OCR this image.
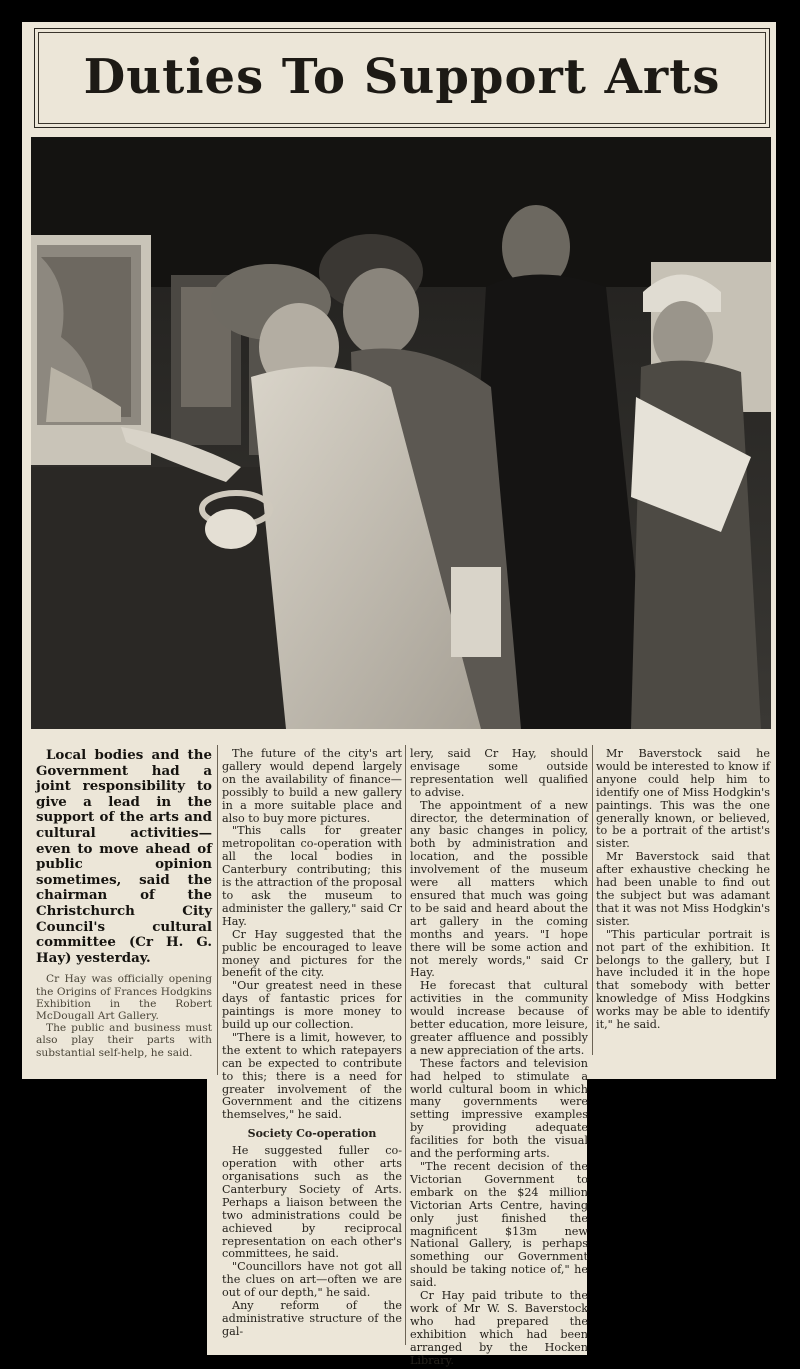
Duties To Support Arts

Local bodies and the Government had a joint responsibility to give a lead in the support of the arts and cultural activities—even to move ahead of public opinion sometimes, said the chairman of the Christchurch City Council's cultural committee (Cr H. G. Hay) yesterday.

Cr Hay was officially opening the Origins of Frances Hodgkins Exhibition in the Robert McDougall Art Gallery.

The public and business must also play their parts with substantial self-help, he said.

The future of the city's art gallery would depend largely on the availability of finance—possibly to build a new gallery in a more suitable place and also to buy more pictures.

"This calls for greater metropolitan co-operation with all the local bodies in Canterbury contributing; this is the attraction of the proposal to ask the museum to administer the gallery," said Cr Hay.

Cr Hay suggested that the public be encouraged to leave money and pictures for the benefit of the city.

"Our greatest need in these days of fantastic prices for paintings is more money to build up our collection.

"There is a limit, however, to the extent to which ratepayers can be expected to contribute to this; there is a need for greater involvement of the Government and the citizens themselves," he said.

Society Co-operation

He suggested fuller co-operation with other arts organisations such as the Canterbury Society of Arts. Perhaps a liaison between the two administrations could be achieved by reciprocal representation on each other's committees, he said.

"Councillors have not got all the clues on art—often we are out of our depth," he said.

Any reform of the administrative structure of the gal-

lery, said Cr Hay, should envisage some outside representation well qualified to advise.

The appointment of a new director, the determination of any basic changes in policy, both by administration and location, and the possible involvement of the museum were all matters which ensured that much was going to be said and heard about the art gallery in the coming months and years. "I hope there will be some action and not merely words," said Cr Hay.

He forecast that cultural activities in the community would increase because of better education, more leisure, greater affluence and possibly a new appreciation of the arts.

These factors and television had helped to stimulate a world cultural boom in which many governments were setting impressive examples by providing adequate facilities for both the visual and the performing arts.

"The recent decision of the Victorian Government to embark on the $24 million Victorian Arts Centre, having only just finished the magnificent $13m new National Gallery, is perhaps something our Government should be taking notice of," he said.

Cr Hay paid tribute to the work of Mr W. S. Baverstock who had prepared the exhibition which had been arranged by the Hocken Library.

Mr Baverstock said he would be interested to know if anyone could help him to identify one of Miss Hodgkin's paintings. This was the one generally known, or believed, to be a portrait of the artist's sister.

Mr Baverstock said that after exhaustive checking he had been unable to find out the subject but was adamant that it was not Miss Hodgkin's sister.

"This particular portrait is not part of the exhibition. It belongs to the gallery, but I have included it in the hope that somebody with better knowledge of Miss Hodgkins works may be able to identify it," he said.
